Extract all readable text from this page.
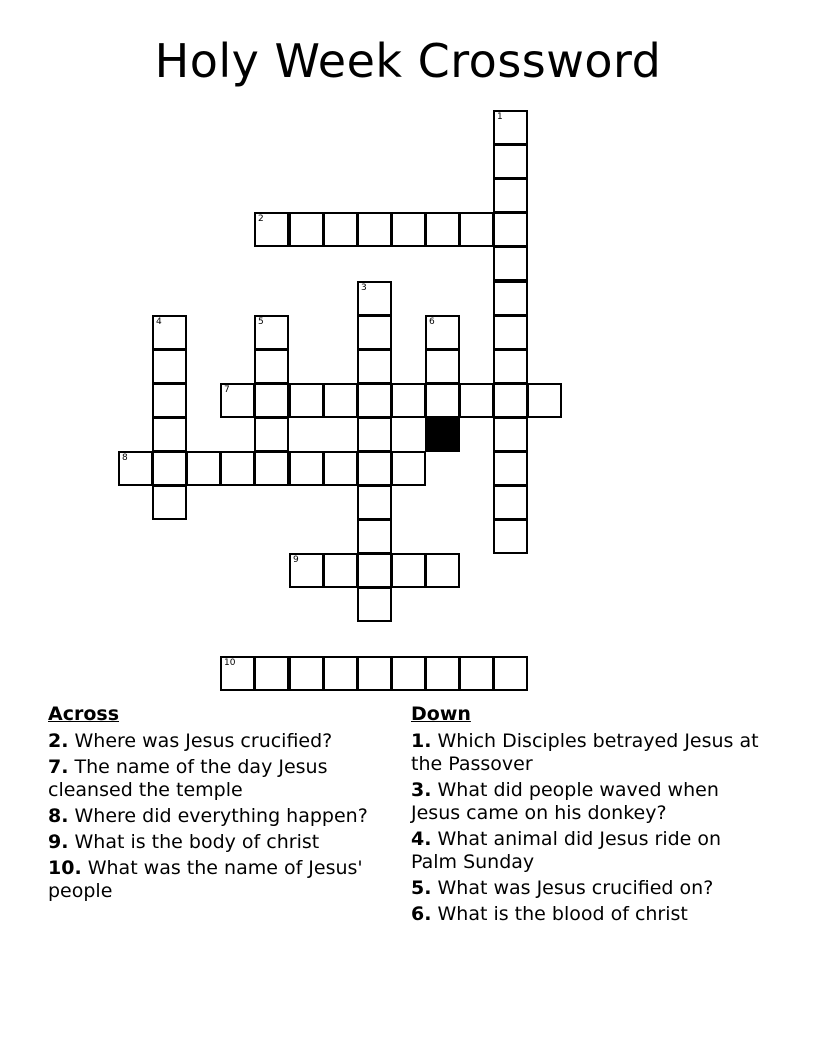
Holy Week Crossword
1
2
3
4	5	6
7
8
9
10
Across
2. Where was Jesus crucified?
7. The name of the day Jesus cleansed the temple
8. Where did everything happen?
9. What is the body of christ
10. What was the name of Jesus' people
Down
1. Which Disciples betrayed Jesus at the Passover
3. What did people waved when Jesus came on his donkey?
4. What animal did Jesus ride on Palm Sunday
5. What was Jesus crucified on?
6. What is the blood of christ
